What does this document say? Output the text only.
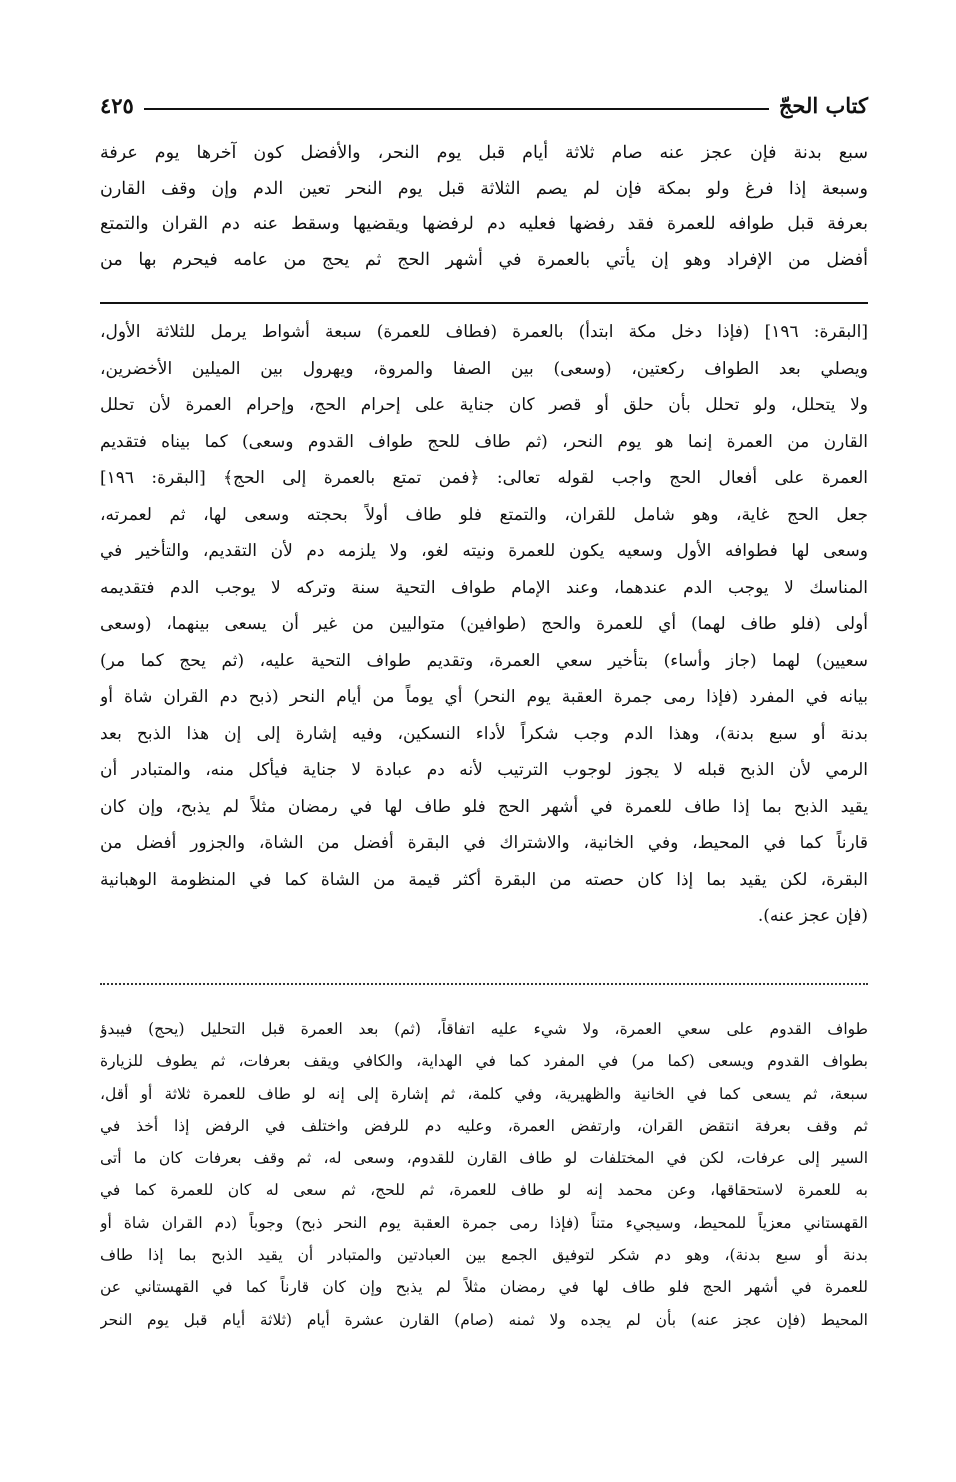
كتاب الحجّ
٤٢٥
سبع بدنة فإن عجز عنه صام ثلاثة أيام قبل يوم النحر، والأفضل كون آخرها يوم عرفة
وسبعة إذا فرغ ولو بمكة فإن لم يصم الثلاثة قبل يوم النحر تعين الدم وإن وقف القارن
بعرفة قبل طوافه للعمرة فقد رفضها فعليه دم لرفضها ويقضيها وسقط عنه دم القران والتمتع
أفضل من الإفراد وهو إن يأتي بالعمرة في أشهر الحج ثم يحج من عامه فيحرم بها من
[البقرة: ١٩٦] (فإذا دخل مكة ابتدأ) بالعمرة (فطاف للعمرة) سبعة أشواط يرمل للثلاثة الأول،
ويصلي بعد الطواف ركعتين، (وسعى) بين الصفا والمروة، ويهرول بين الميلين الأخضرين،
ولا يتحلل، ولو تحلل بأن حلق أو قصر كان جناية على إحرام الحج، وإحرام العمرة لأن تحلل
القارن من العمرة إنما هو يوم النحر، (ثم طاف للحج طواف القدوم وسعى) كما بيناه فتقديم
العمرة على أفعال الحج واجب لقوله تعالى: ﴿فمن تمتع بالعمرة إلى الحج﴾ [البقرة: ١٩٦]
جعل الحج غاية، وهو شامل للقران، والتمتع فلو طاف أولاً بحجته وسعى لها، ثم لعمرته،
وسعى لها فطوافه الأول وسعيه يكون للعمرة ونيته لغو، ولا يلزمه دم لأن التقديم، والتأخير في
المناسك لا يوجب الدم عندهما، وعند الإمام طواف التحية سنة وتركه لا يوجب الدم فتقديمه
أولى (فلو طاف لهما) أي للعمرة والحج (طوافين) متواليين من غير أن يسعى بينهما، (وسعى
سعيين) لهما (جاز وأساء) بتأخير سعي العمرة، وتقديم طواف التحية عليه، (ثم يحج كما مر)
بيانه في المفرد (فإذا رمى جمرة العقبة يوم النحر) أي يوماً من أيام النحر (ذبح دم القران شاة أو
بدنة أو سبع بدنة)، وهذا الدم وجب شكراً لأداء النسكين، وفيه إشارة إلى إن هذا الذبح بعد
الرمي لأن الذبح قبله لا يجوز لوجوب الترتيب لأنه دم عبادة لا جناية فيأكل منه، والمتبادر أن
يقيد الذبح بما إذا طاف للعمرة في أشهر الحج فلو طاف لها في رمضان مثلاً لم يذبح، وإن كان
قارناً كما في المحيط، وفي الخانية، والاشتراك في البقرة أفضل من الشاة، والجزور أفضل من
البقرة، لكن يقيد بما إذا كان حصته من البقرة أكثر قيمة من الشاة كما في المنظومة الوهبانية
(فإن عجز عنه).
طواف القدوم على سعي العمرة، ولا شيء عليه اتفاقاً، (ثم) بعد العمرة قبل التحليل (يحج) فيبدؤ
بطواف القدوم ويسعى (كما مر) في المفرد كما في الهداية، والكافي ويقف بعرفات، ثم يطوف للزيارة
سبعة، ثم يسعى كما في الخانية والظهيرية، وفي كلمة، ثم إشارة إلى إنه لو طاف للعمرة ثلاثة أو أقل،
ثم وقف بعرفة انتقض القران، وارتفض العمرة، وعليه دم للرفض واختلف في الرفض إذا أخذ في
السير إلى عرفات، لكن في المختلفات لو طاف القارن للقدوم، وسعى له، ثم وقف بعرفات كان ما أتى
به للعمرة لاستحقاقها، وعن محمد إنه لو طاف للعمرة، ثم للحج، ثم سعى له كان للعمرة كما في
القهستاني معزياً للمحيط، وسيجيء متناً (فإذا رمى جمرة العقبة يوم النحر ذبح) وجوباً (دم القران شاة أو
بدنة أو سبع بدنة)، وهو دم شكر لتوفيق الجمع بين العبادتين والمتبادر أن يقيد الذبح بما إذا طاف
للعمرة في أشهر الحج فلو طاف لها في رمضان مثلاً لم يذبح وإن كان قارناً كما في القهستاني عن
المحيط (فإن عجز عنه) بأن لم يجده ولا ثمنه (صام) القارن عشرة أيام (ثلاثة أيام قبل يوم النحر
